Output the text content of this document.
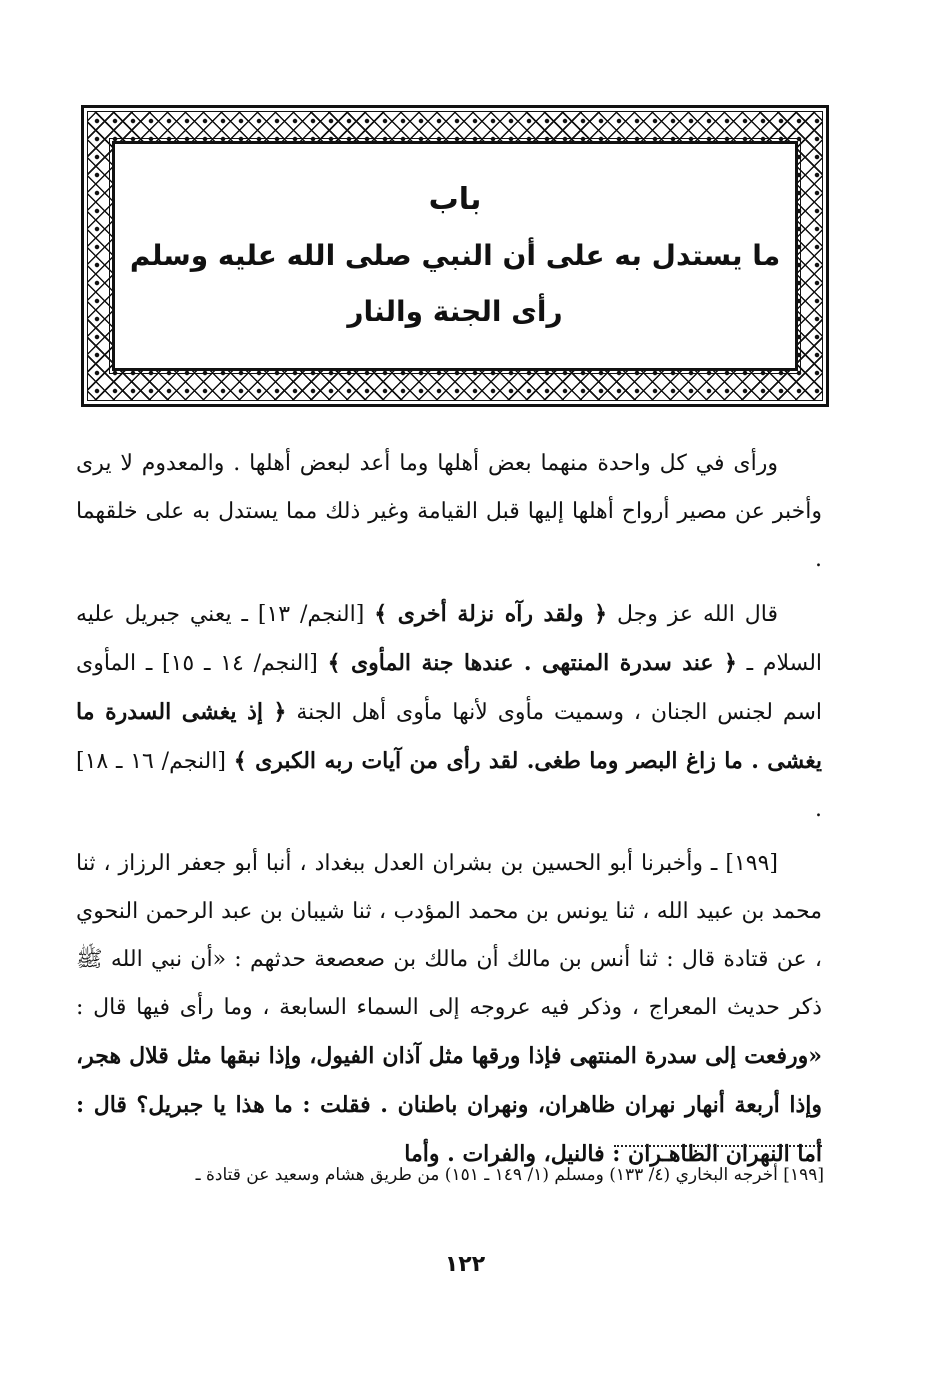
باب
ما يستدل به على أن النبي صلى الله عليه وسلم
رأى الجنة والنار

ورأى في كل واحدة منهما بعض أهلها وما أعد لبعض أهلها . والمعدوم لا يرى وأخبر عن مصير أرواح أهلها إليها قبل القيامة وغير ذلك مما يستدل به على خلقهما .

قال الله عز وجل ﴿ ولقد رآه نزلة أخرى ﴾ [النجم/ ١٣] ـ يعني جبريل عليه السلام ـ ﴿ عند سدرة المنتهى . عندها جنة المأوى ﴾ [النجم/ ١٤ ـ ١٥] ـ المأوى اسم لجنس الجنان ، وسميت مأوى لأنها مأوى أهل الجنة ﴿ إذ يغشى السدرة ما يغشى . ما زاغ البصر وما طغى. لقد رأى من آيات ربه الكبرى ﴾ [النجم/ ١٦ ـ ١٨] .

[١٩٩] ـ وأخبرنا أبو الحسين بن بشران العدل ببغداد ، أنبا أبو جعفر الرزاز ، ثنا محمد بن عبيد الله ، ثنا يونس بن محمد المؤدب ، ثنا شيبان بن عبد الرحمن النحوي ، عن قتادة قال : ثنا أنس بن مالك أن مالك بن صعصعة حدثهم : «أن نبي الله ﷺ ذكر حديث المعراج ، وذكر فيه عروجه إلى السماء السابعة ، وما رأى فيها قال : «ورفعت إلى سدرة المنتهى فإذا ورقها مثل آذان الفيول، وإذا نبقها مثل قلال هجر، وإذا أربعة أنهار نهران ظاهران، ونهران باطنان . فقلت : ما هذا يا جبريل؟ قال : أما النهران الظاهـران : فالنيل، والفرات . وأما

[١٩٩] أخرجه البخاري (٤/ ١٣٣) ومسلم (١/ ١٤٩ ـ ١٥١) من طريق هشام وسعيد عن قتادة ـ
١٢٢
